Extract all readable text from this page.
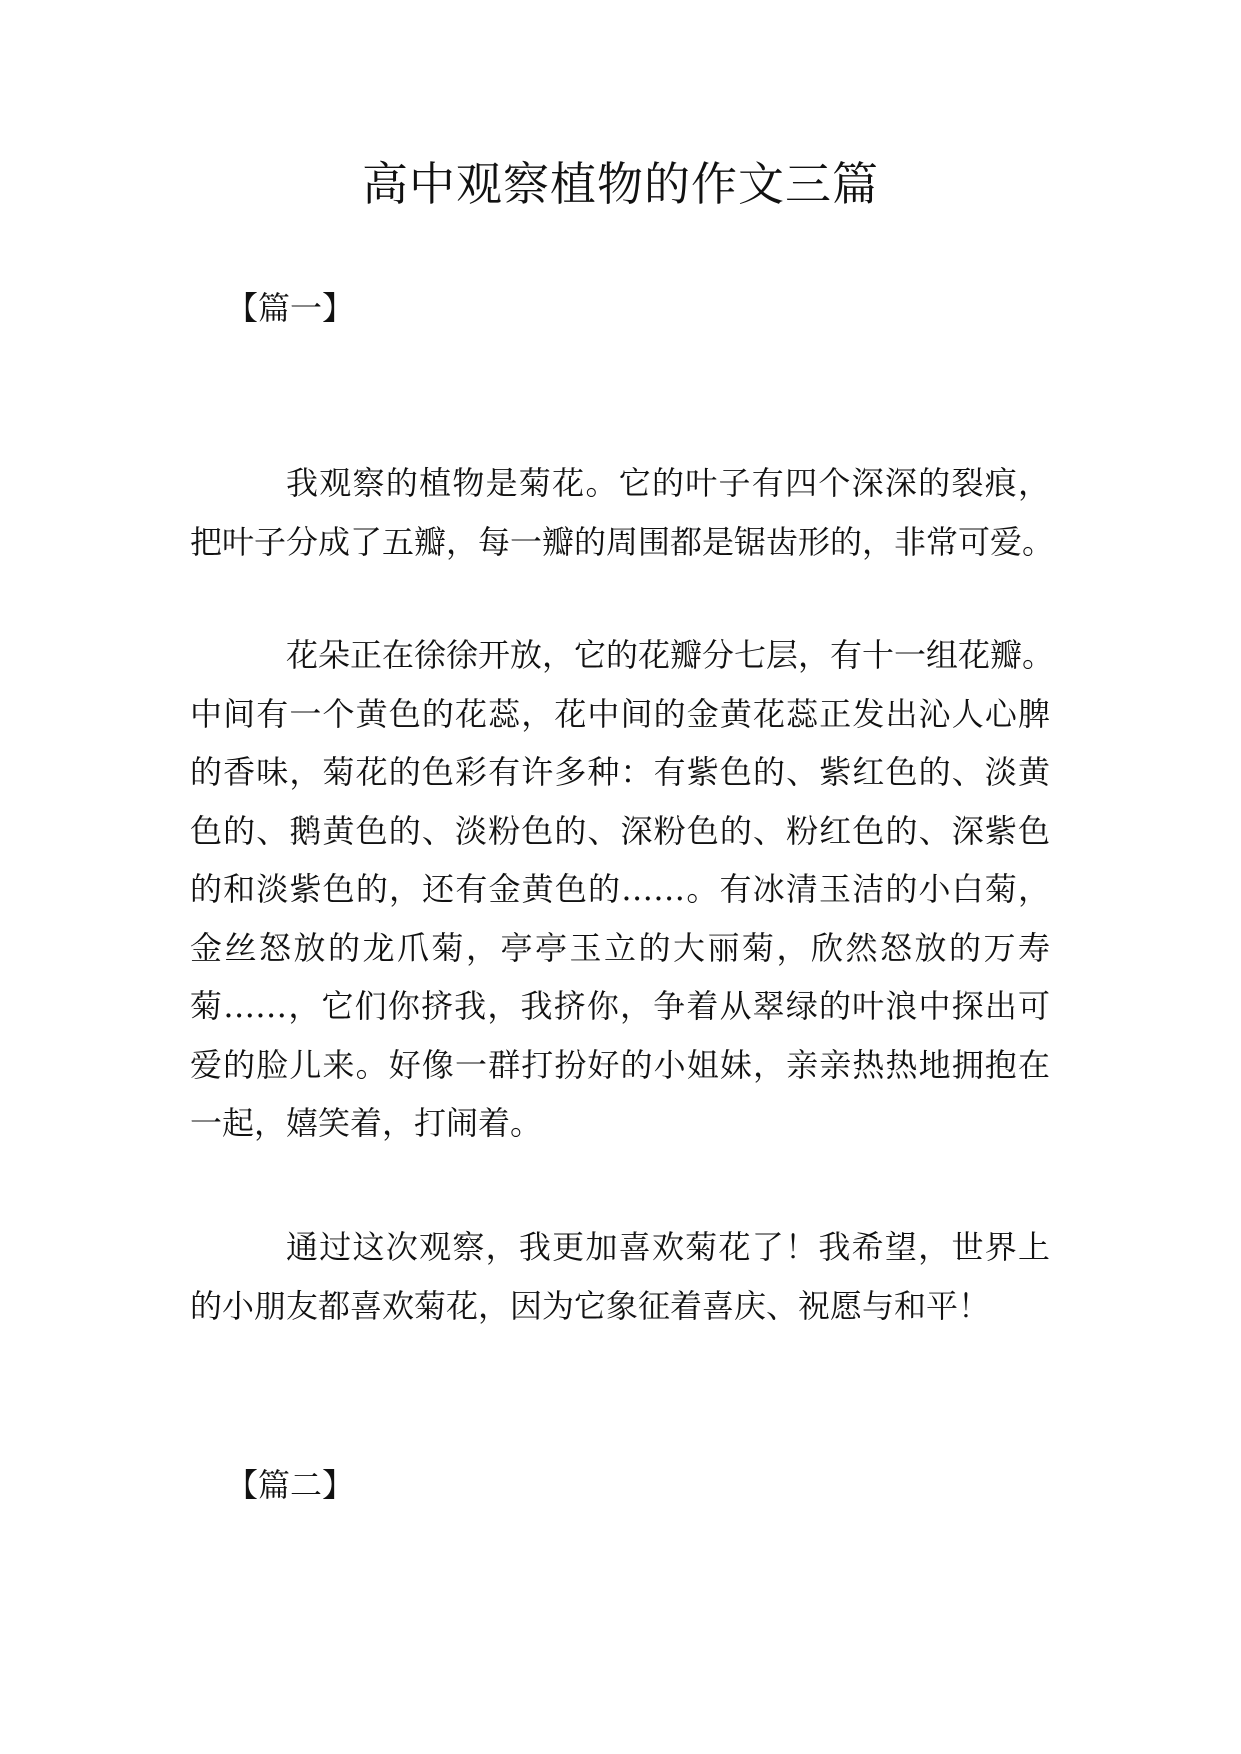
高中观察植物的作文三篇
【篇一】
我观察的植物是菊花。它的叶子有四个深深的裂痕，
把叶子分成了五瓣，每一瓣的周围都是锯齿形的，非常可爱。
花朵正在徐徐开放，它的花瓣分七层，有十一组花瓣。
中间有一个黄色的花蕊，花中间的金黄花蕊正发出沁人心脾
的香味，菊花的色彩有许多种：有紫色的、紫红色的、淡黄
色的、鹅黄色的、淡粉色的、深粉色的、粉红色的、深紫色
的和淡紫色的，还有金黄色的……。有冰清玉洁的小白菊，
金丝怒放的龙爪菊，亭亭玉立的大丽菊，欣然怒放的万寿
菊……，它们你挤我，我挤你，争着从翠绿的叶浪中探出可
爱的脸儿来。好像一群打扮好的小姐妹，亲亲热热地拥抱在
一起，嬉笑着，打闹着。
通过这次观察，我更加喜欢菊花了！我希望，世界上
的小朋友都喜欢菊花，因为它象征着喜庆、祝愿与和平！
【篇二】
